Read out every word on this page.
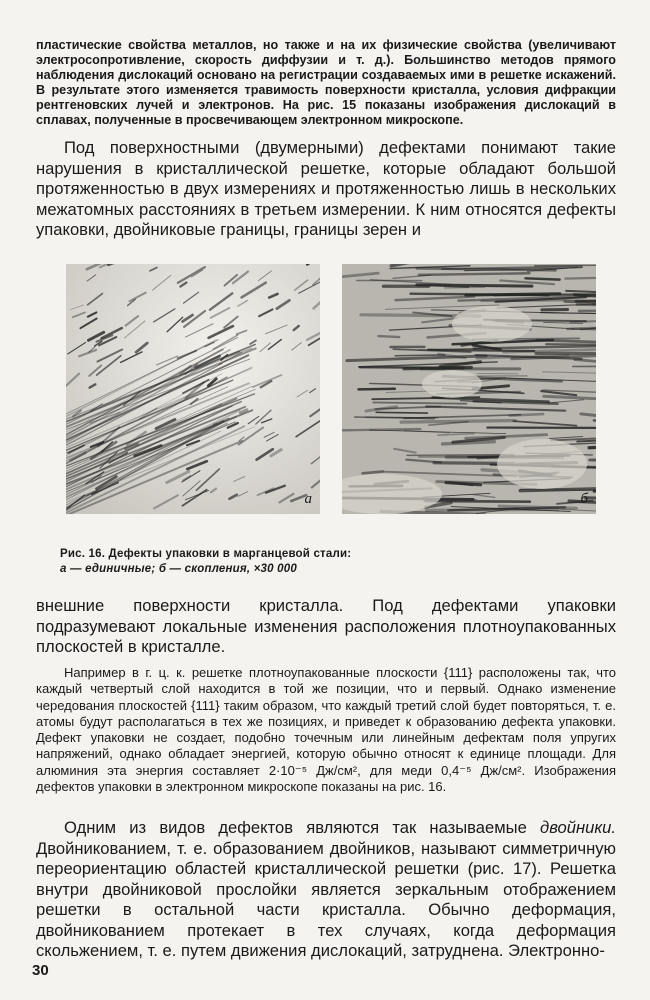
пластические свойства металлов, но также и на их физические свойства (увеличивают электросопротивление, скорость диффузии и т. д.). Большинство методов прямого наблюдения дислокаций основано на регистрации создаваемых ими в решетке искажений. В результате этого изменяется травимость поверхности кристалла, условия дифракции рентгеновских лучей и электронов. На рис. 15 показаны изображения дислокаций в сплавах, полученные в просвечивающем электронном микроскопе.

Под поверхностными (двумерными) дефектами понимают такие нарушения в кристаллической решетке, которые обладают большой протяженностью в двух измерениях и протяженностью лишь в нескольких межатомных расстояниях в третьем измерении. К ним относятся дефекты упаковки, двойниковые границы, границы зерен и

а	б
Рис. 16. Дефекты упаковки в марганцевой стали:
а — единичные; б — скопления, ×30 000

внешние поверхности кристалла. Под дефектами упаковки подразумевают локальные изменения расположения плотноупакованных плоскостей в кристалле.

Например в г. ц. к. решетке плотноупакованные плоскости {111} расположены так, что каждый четвертый слой находится в той же позиции, что и первый. Однако изменение чередования плоскостей {111} таким образом, что каждый третий слой будет повторяться, т. е. атомы будут располагаться в тех же позициях, и приведет к образованию дефекта упаковки. Дефект упаковки не создает, подобно точечным или линейным дефектам поля упругих напряжений, однако обладает энергией, которую обычно относят к единице площади. Для алюминия эта энергия составляет 2·10⁻⁵ Дж/см², для меди 0,4⁻⁵ Дж/см². Изображения дефектов упаковки в электронном микроскопе показаны на рис. 16.

Одним из видов дефектов являются так называемые двойники. Двойникованием, т. е. образованием двойников, называют симметричную переориентацию областей кристаллической решетки (рис. 17). Решетка внутри двойниковой прослойки является зеркальным отображением решетки в остальной части кристалла. Обычно деформация, двойникованием протекает в тех случаях, когда деформация скольжением, т. е. путем движения дислокаций, затруднена. Электронно-

30
